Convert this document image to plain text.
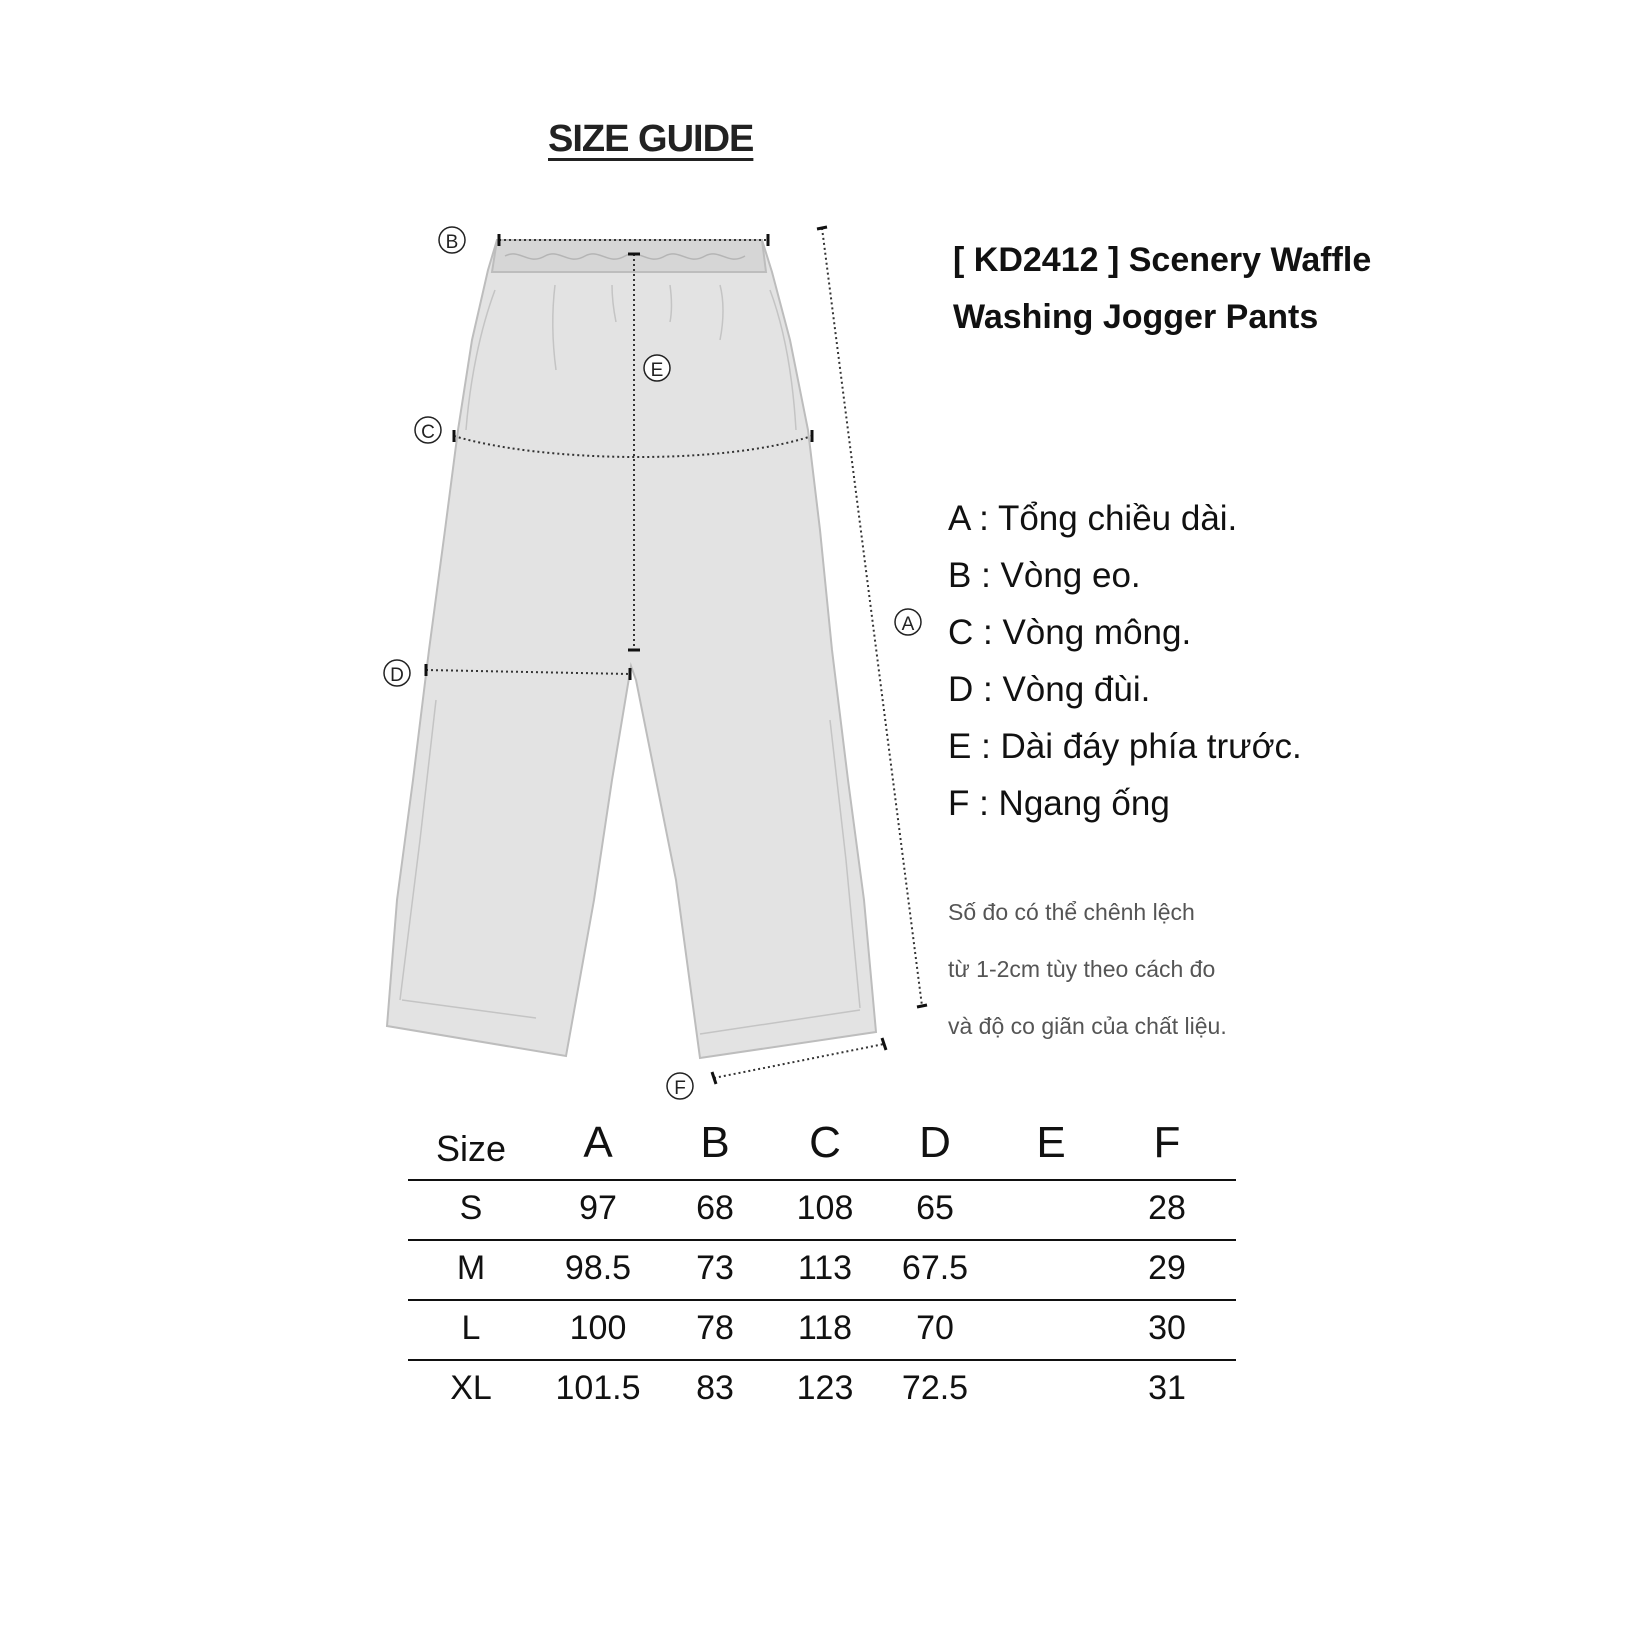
SIZE GUIDE
A
B
C
D
E
F
[ KD2412 ] Scenery Waffle
Washing Jogger Pants
A : Tổng chiều dài.
B : Vòng eo.
C : Vòng mông.
D : Vòng đùi.
E : Dài đáy phía trước.
F : Ngang ống
Số đo có thể chênh lệch
từ 1-2cm tùy theo cách đo
và độ co giãn của chất liệu.
Size A B C D E F
S	97 68 108 65	28
M 98.5 73 113 67.5	29
L	100 78 118 70	30
XL 101.5 83 123 72.5	31
